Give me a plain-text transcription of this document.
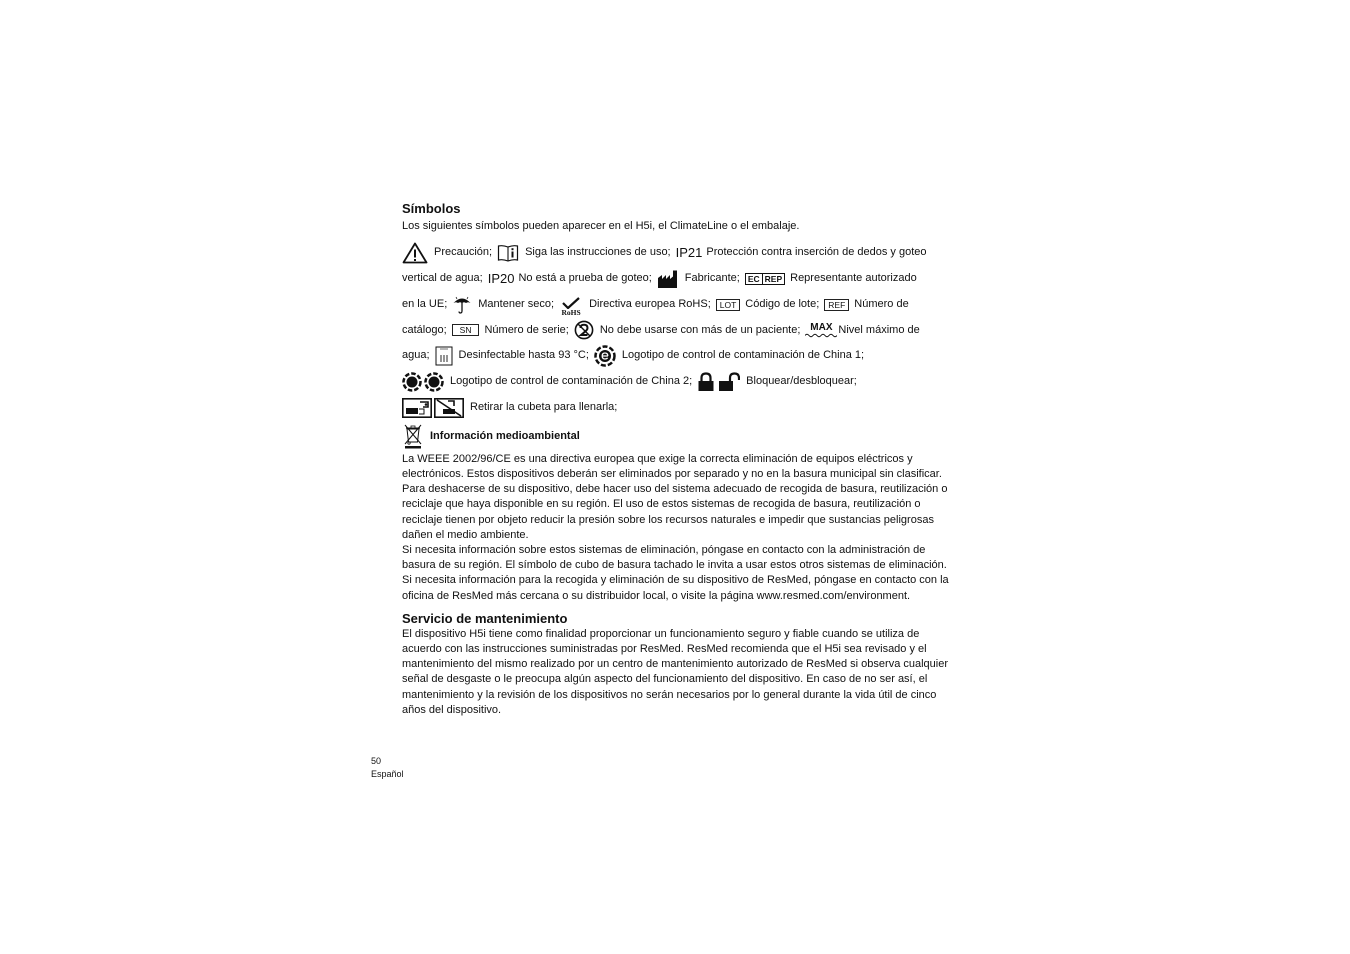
Símbolos

Los siguientes símbolos pueden aparecer en el H5i, el ClimateLine o el embalaje.

Precaución;	Siga las instrucciones de uso; IP21 Protección contra inserción de dedos y goteo
vertical de agua; IP20 No está a prueba de goteo;	Fabricante; EC REP Representante autorizado
en la UE;	Mantener seco;
RoHS
Directiva europea RoHS;	LOT Código de lote;	REF Número de
catálogo;	SN	Número de serie;	No debe usarse con más de un paciente; MAX Nivel máximo de
agua;	Desinfectable hasta 93 °C;	Logotipo de control de contaminación de China 1;
Logotipo de control de contaminación de China 2;	Bloquear/desbloquear;
Retirar la cubeta para llenarla;
Información medioambiental

La WEEE 2002/96/CE es una directiva europea que exige la correcta eliminación de equipos eléctricos y electrónicos. Estos dispositivos deberán ser eliminados por separado y no en la basura municipal sin clasificar. Para deshacerse de su dispositivo, debe hacer uso del sistema adecuado de recogida de basura, reutilización o reciclaje que haya disponible en su región. El uso de estos sistemas de recogida de basura, reutilización o reciclaje tienen por objeto reducir la presión sobre los recursos naturales e impedir que sustancias peligrosas dañen el medio ambiente.

Si necesita información sobre estos sistemas de eliminación, póngase en contacto con la administración de basura de su región. El símbolo de cubo de basura tachado le invita a usar estos otros sistemas de eliminación. Si necesita información para la recogida y eliminación de su dispositivo de ResMed, póngase en contacto con la oficina de ResMed más cercana o su distribuidor local, o visite la página www.resmed.com/environment.

Servicio de mantenimiento

El dispositivo H5i tiene como finalidad proporcionar un funcionamiento seguro y fiable cuando se utiliza de acuerdo con las instrucciones suministradas por ResMed. ResMed recomienda que el H5i sea revisado y el mantenimiento del mismo realizado por un centro de mantenimiento autorizado de ResMed si observa cualquier señal de desgaste o le preocupa algún aspecto del funcionamiento del dispositivo. En caso de no ser así, el mantenimiento y la revisión de los dispositivos no serán necesarios por lo general durante la vida útil de cinco años del dispositivo.

50
Español
